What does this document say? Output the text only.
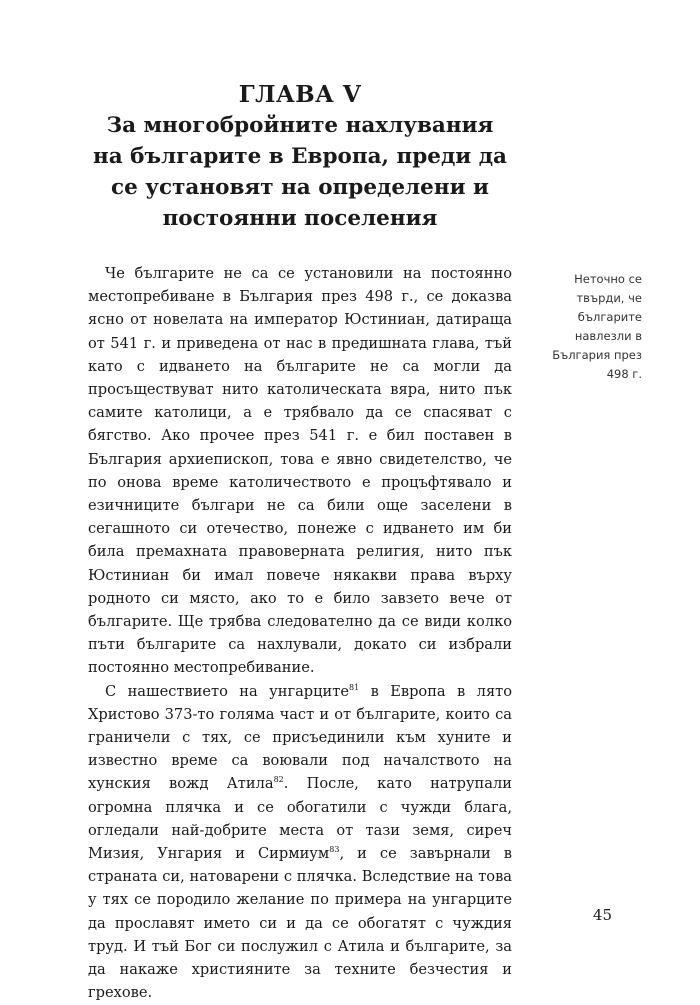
ГЛАВА V
За многобройните нахлувания на българите в Европа, преди да се установят на определени и постоянни поселения
Неточно се твърди, че българите навлезли в България през 498 г.

Че българите не са се установили на постоянно местопребиване в България през 498 г., се доказва ясно от новелата на император Юстиниан, датираща от 541 г. и приведена от нас в предишната глава, тъй като с идването на българите не са могли да просъществуват нито католическата вяра, нито пък самите католици, а е трябвало да се спасяват с бягство. Ако прочее през 541 г. е бил поставен в България архиепископ, това е явно свидетелство, че по онова време католичеството е процъфтявало и езичниците българи не са били още заселени в сегашното си отечество, понеже с идването им би била премахната правоверната религия, нито пък Юстиниан би имал повече някакви права върху родното си място, ако то е било завзето вече от българите. Ще трябва следователно да се види колко пъти българите са нахлували, докато си избрали постоянно местопребивание.

С нашествието на унгарците$^{81}$ в Европа в лято Христово 373-то голяма част и от българите, които са граничели с тях, се присъединили към хуните и известно време са воювали под началството на хунския вожд Атила$^{82}$. После, като натрупали огромна плячка и се обогатили с чужди блага, огледали най-добрите места от тази земя, сиреч Мизия, Унгария и Сирмиум$^{83}$, и се завърнали в страната си, натоварени с плячка. Вследствие на това у тях се породило желание по примера на унгарците да прославят името си и да се обогатят с чуждия труд. И тъй Бог си послужил с Атила и българите, за да накаже християните за техните безчестия и грехове.

45
